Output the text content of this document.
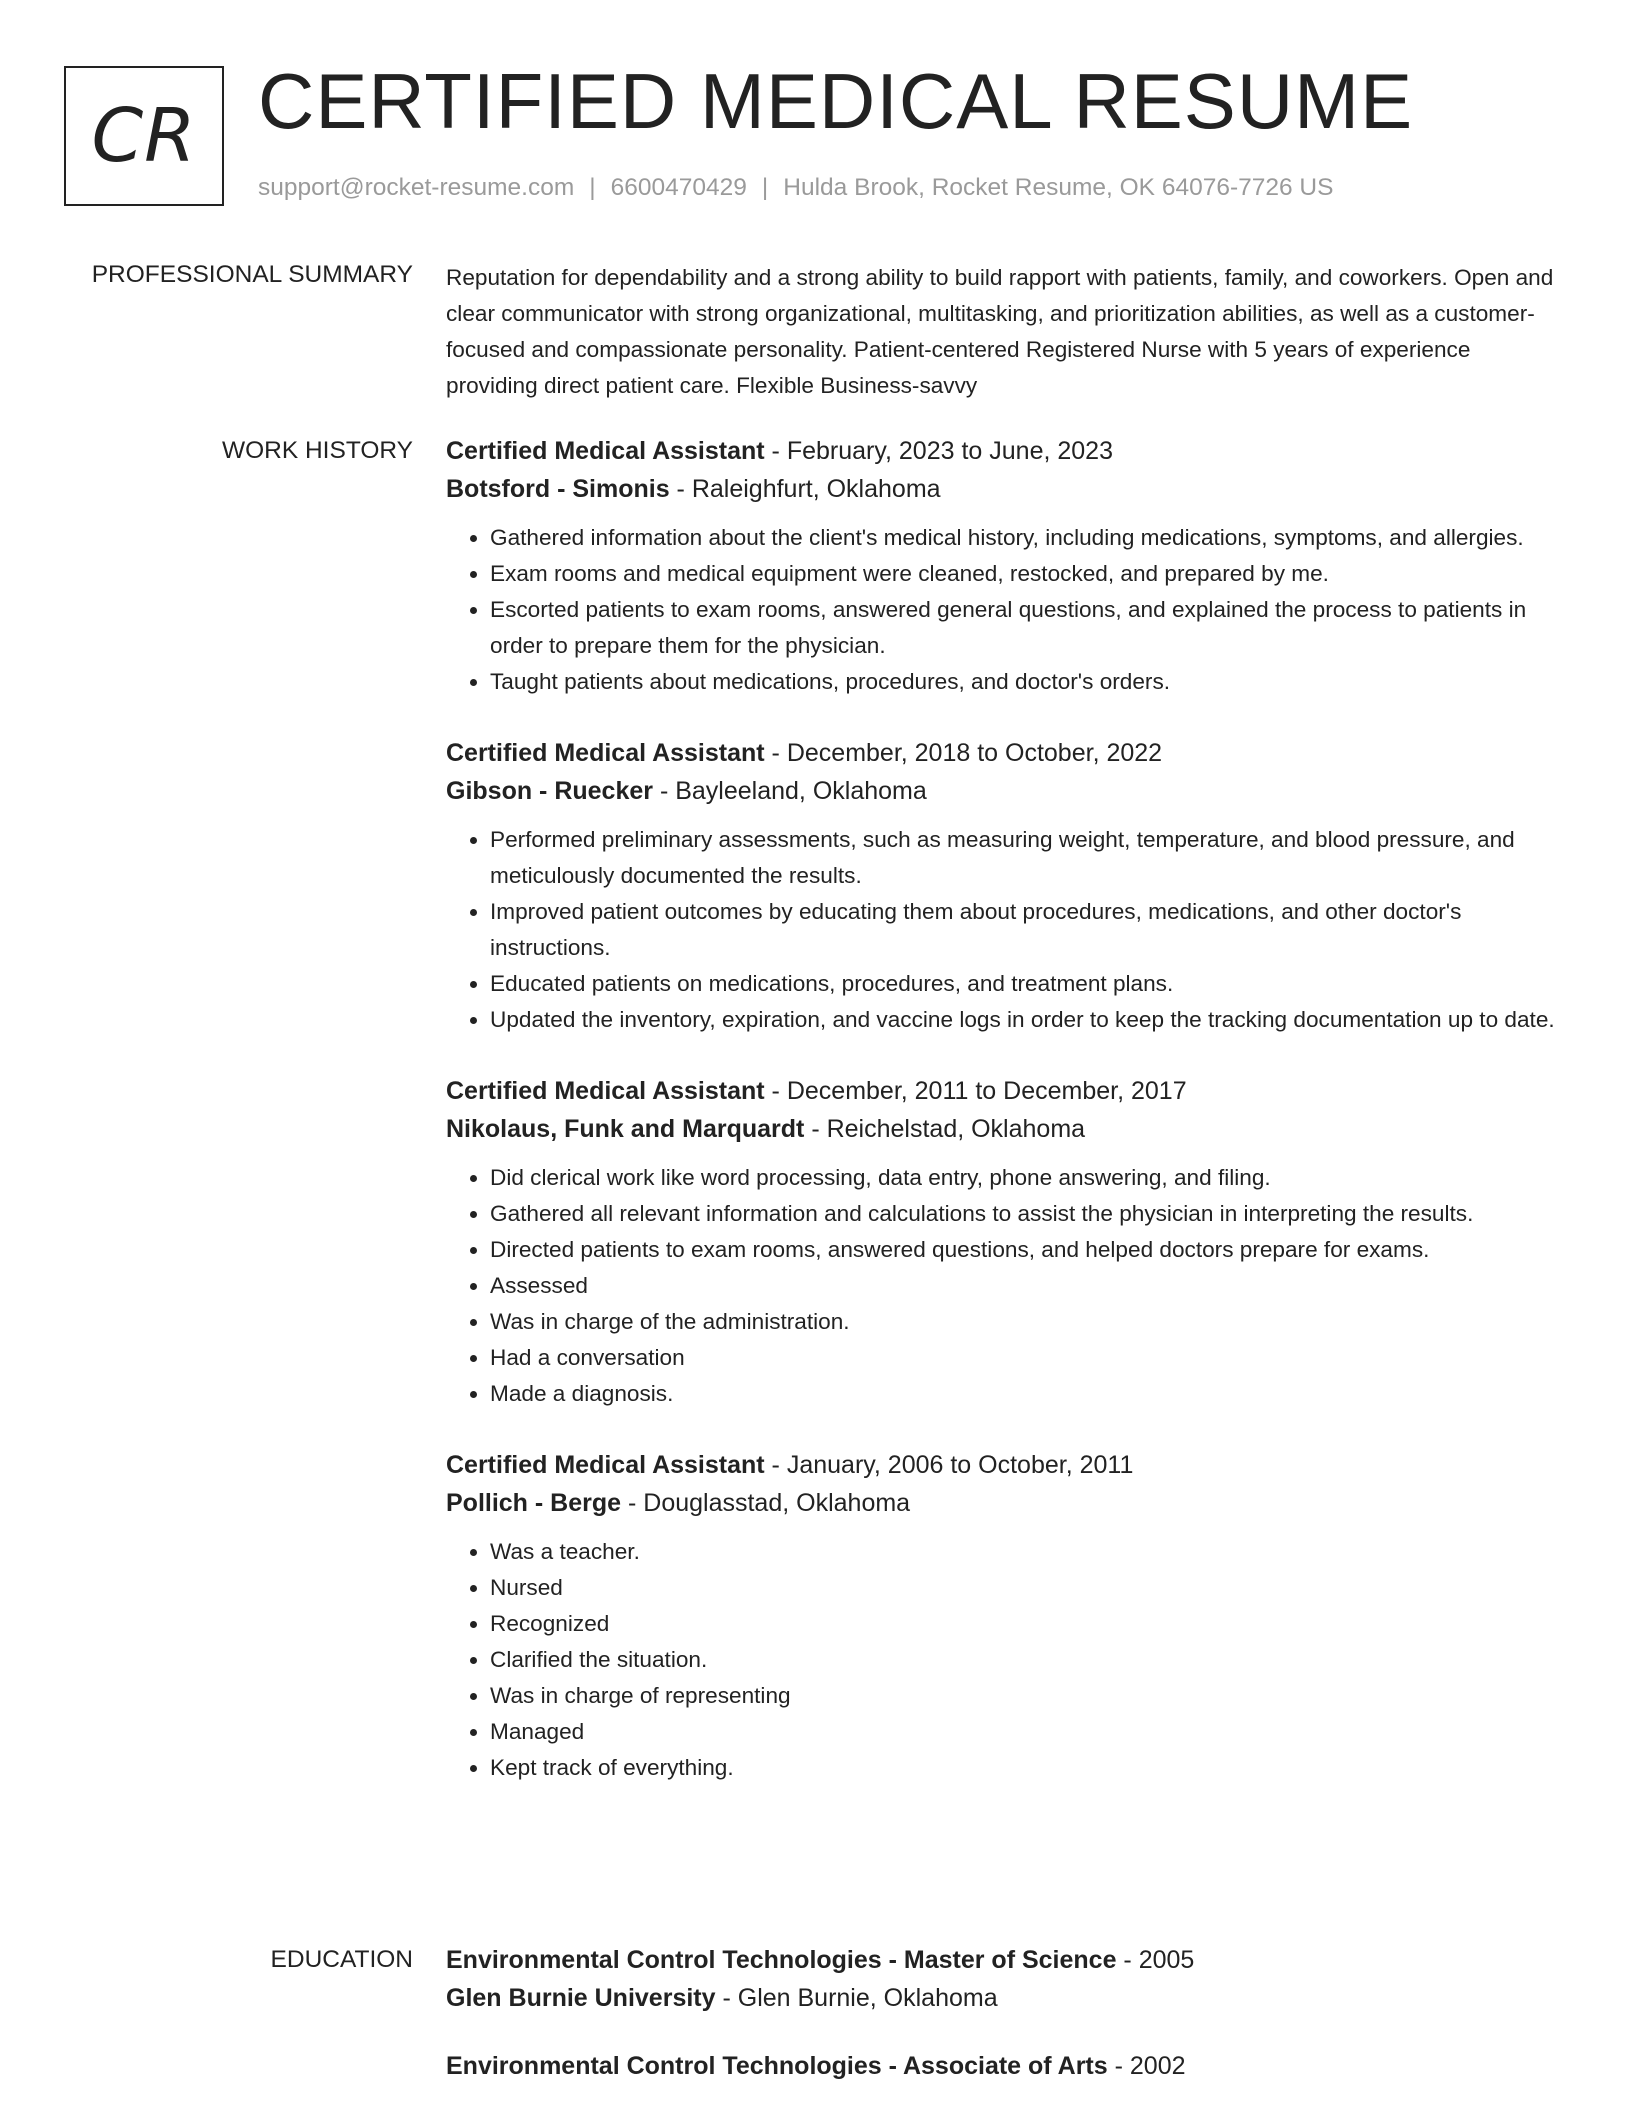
CR CERTIFIED MEDICAL RESUME
support@rocket-resume.com | 6600470429 | Hulda Brook, Rocket Resume, OK 64076-7726 US
PROFESSIONAL SUMMARY Reputation for dependability and a strong ability to build rapport with patients, family, and coworkers. Open and clear communicator with strong organizational, multitasking, and prioritization abilities, as well as a customer-focused and compassionate personality. Patient-centered Registered Nurse with 5 years of experience providing direct patient care. Flexible Business-savvy

WORK HISTORY Certified Medical Assistant - February, 2023 to June, 2023
Botsford - Simonis - Raleighfurt, Oklahoma
• Gathered information about the client's medical history, including medications, symptoms, and allergies.
• Exam rooms and medical equipment were cleaned, restocked, and prepared by me.
• Escorted patients to exam rooms, answered general questions, and explained the process to patients in order to prepare them for the physician.
• Taught patients about medications, procedures, and doctor's orders.
Certified Medical Assistant - December, 2018 to October, 2022
Gibson - Ruecker - Bayleeland, Oklahoma
• Performed preliminary assessments, such as measuring weight, temperature, and blood pressure, and meticulously documented the results.
• Improved patient outcomes by educating them about procedures, medications, and other doctor's instructions.
• Educated patients on medications, procedures, and treatment plans.
• Updated the inventory, expiration, and vaccine logs in order to keep the tracking documentation up to date.
Certified Medical Assistant - December, 2011 to December, 2017
Nikolaus, Funk and Marquardt - Reichelstad, Oklahoma
• Did clerical work like word processing, data entry, phone answering, and filing.
• Gathered all relevant information and calculations to assist the physician in interpreting the results.
• Directed patients to exam rooms, answered questions, and helped doctors prepare for exams.
• Assessed
• Was in charge of the administration.
• Had a conversation
• Made a diagnosis.
Certified Medical Assistant - January, 2006 to October, 2011
Pollich - Berge - Douglasstad, Oklahoma
• Was a teacher.
• Nursed
• Recognized
• Clarified the situation.
• Was in charge of representing
• Managed
• Kept track of everything.
EDUCATION Environmental Control Technologies - Master of Science - 2005
Glen Burnie University - Glen Burnie, Oklahoma
Environmental Control Technologies - Associate of Arts - 2002
